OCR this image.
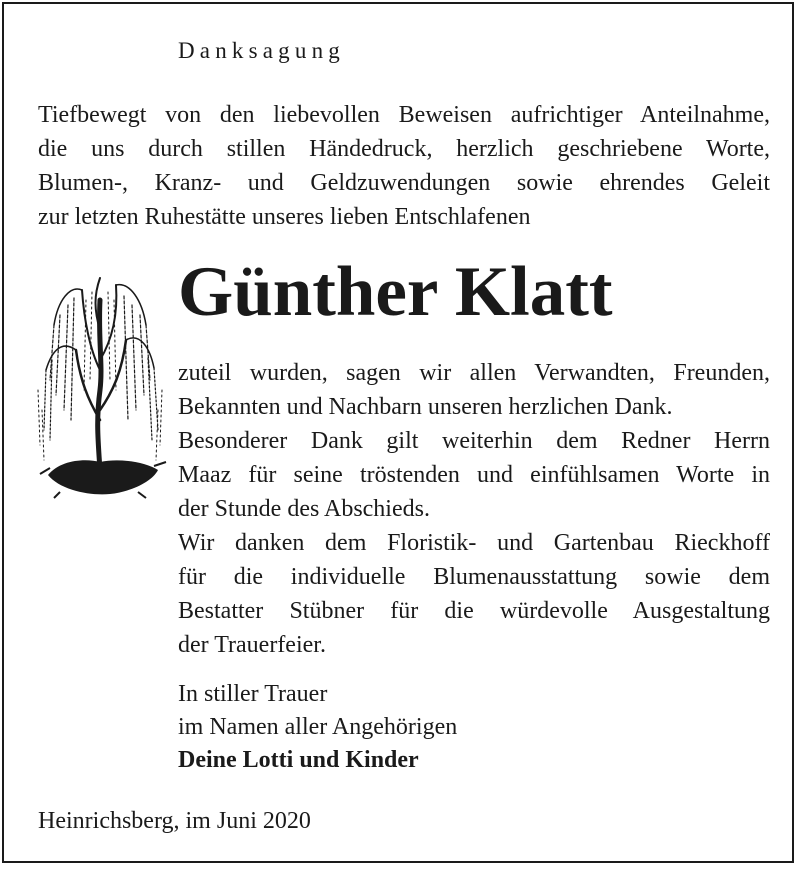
Danksagung
Tiefbewegt von den liebevollen Beweisen aufrichtiger Anteilnahme,
die uns durch stillen Händedruck, herzlich geschriebene Worte,
Blumen-, Kranz- und Geldzuwendungen sowie ehrendes Geleit
zur letzten Ruhestätte unseres lieben Entschlafenen
Günther Klatt
zuteil wurden, sagen wir allen Verwandten, Freunden,
Bekannten und Nachbarn unseren herzlichen Dank.
Besonderer Dank gilt weiterhin dem Redner Herrn
Maaz für seine tröstenden und einfühlsamen Worte in
der Stunde des Abschieds.
Wir danken dem Floristik- und Gartenbau Rieckhoff
für die individuelle Blumenausstattung sowie dem
Bestatter Stübner für die würdevolle Ausgestaltung
der Trauerfeier.
In stiller Trauer
im Namen aller Angehörigen
Deine Lotti und Kinder
Heinrichsberg, im Juni 2020
